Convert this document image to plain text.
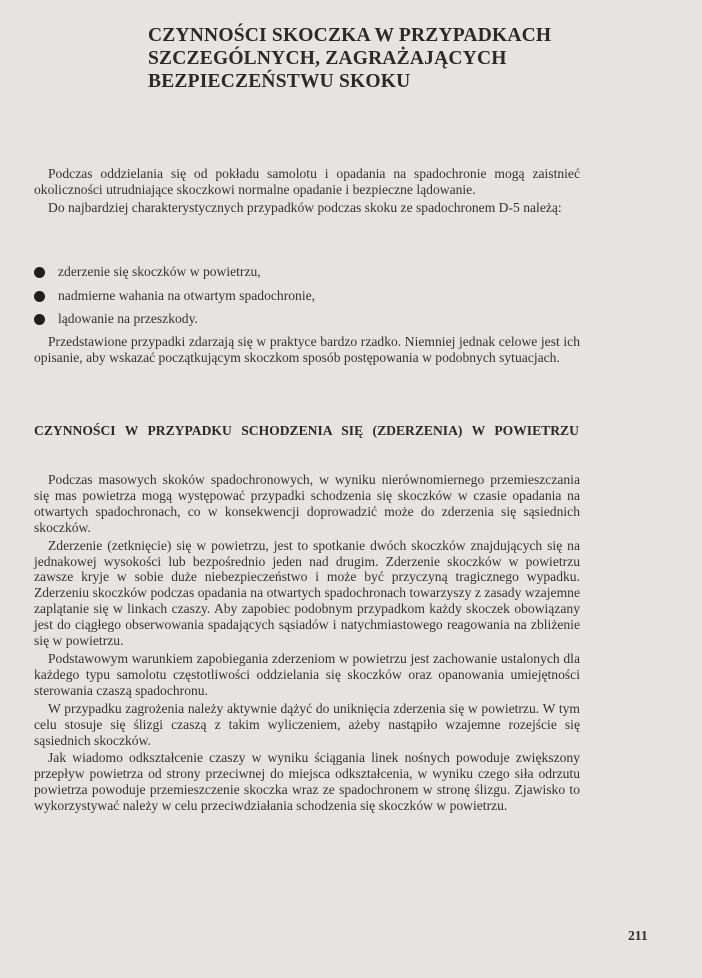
CZYNNOŚCI SKOCZKA W PRZYPADKACH
SZCZEGÓLNYCH, ZAGRAŻAJĄCYCH
BEZPIECZEŃSTWU SKOKU

Podczas oddzielania się od pokładu samolotu i opadania na spadochronie mogą zaistnieć okoliczności utrudniające skoczkowi normalne opadanie i bezpieczne lądowanie.

Do najbardziej charakterystycznych przypadków podczas skoku ze spadochronem D-5 należą:

zderzenie się skoczków w powietrzu,
nadmierne wahania na otwartym spadochronie,
lądowanie na przeszkody.

Przedstawione przypadki zdarzają się w praktyce bardzo rzadko. Niemniej jednak celowe jest ich opisanie, aby wskazać początkującym skoczkom sposób postępowania w podobnych sytuacjach.

CZYNNOŚCI W PRZYPADKU SCHODZENIA SIĘ (ZDERZENIA) W POWIETRZU

Podczas masowych skoków spadochronowych, w wyniku nierównomiernego przemieszczania się mas powietrza mogą występować przypadki schodzenia się skoczków w czasie opadania na otwartych spadochronach, co w konsekwencji doprowadzić może do zderzenia się sąsiednich skoczków.

Zderzenie (zetknięcie) się w powietrzu, jest to spotkanie dwóch skoczków znajdujących się na jednakowej wysokości lub bezpośrednio jeden nad drugim. Zderzenie skoczków w powietrzu zawsze kryje w sobie duże niebezpieczeństwo i może być przyczyną tragicznego wypadku. Zderzeniu skoczków podczas opadania na otwartych spadochronach towarzyszy z zasady wzajemne zaplątanie się w linkach czaszy. Aby zapobiec podobnym przypadkom każdy skoczek obowiązany jest do ciągłego obserwowania spadających sąsiadów i natychmiastowego reagowania na zbliżenie się w powietrzu.

Podstawowym warunkiem zapobiegania zderzeniom w powietrzu jest zachowanie ustalonych dla każdego typu samolotu częstotliwości oddzielania się skoczków oraz opanowania umiejętności sterowania czaszą spadochronu.

W przypadku zagrożenia należy aktywnie dążyć do uniknięcia zderzenia się w powietrzu. W tym celu stosuje się ślizgi czaszą z takim wyliczeniem, ażeby nastąpiło wzajemne rozejście się sąsiednich skoczków.

Jak wiadomo odkształcenie czaszy w wyniku ściągania linek nośnych powoduje zwiększony przepływ powietrza od strony przeciwnej do miejsca odkształcenia, w wyniku czego siła odrzutu powietrza powoduje przemieszczenie skoczka wraz ze spadochronem w stronę ślizgu. Zjawisko to wykorzystywać należy w celu przeciwdziałania schodzenia się skoczków w powietrzu.

211
